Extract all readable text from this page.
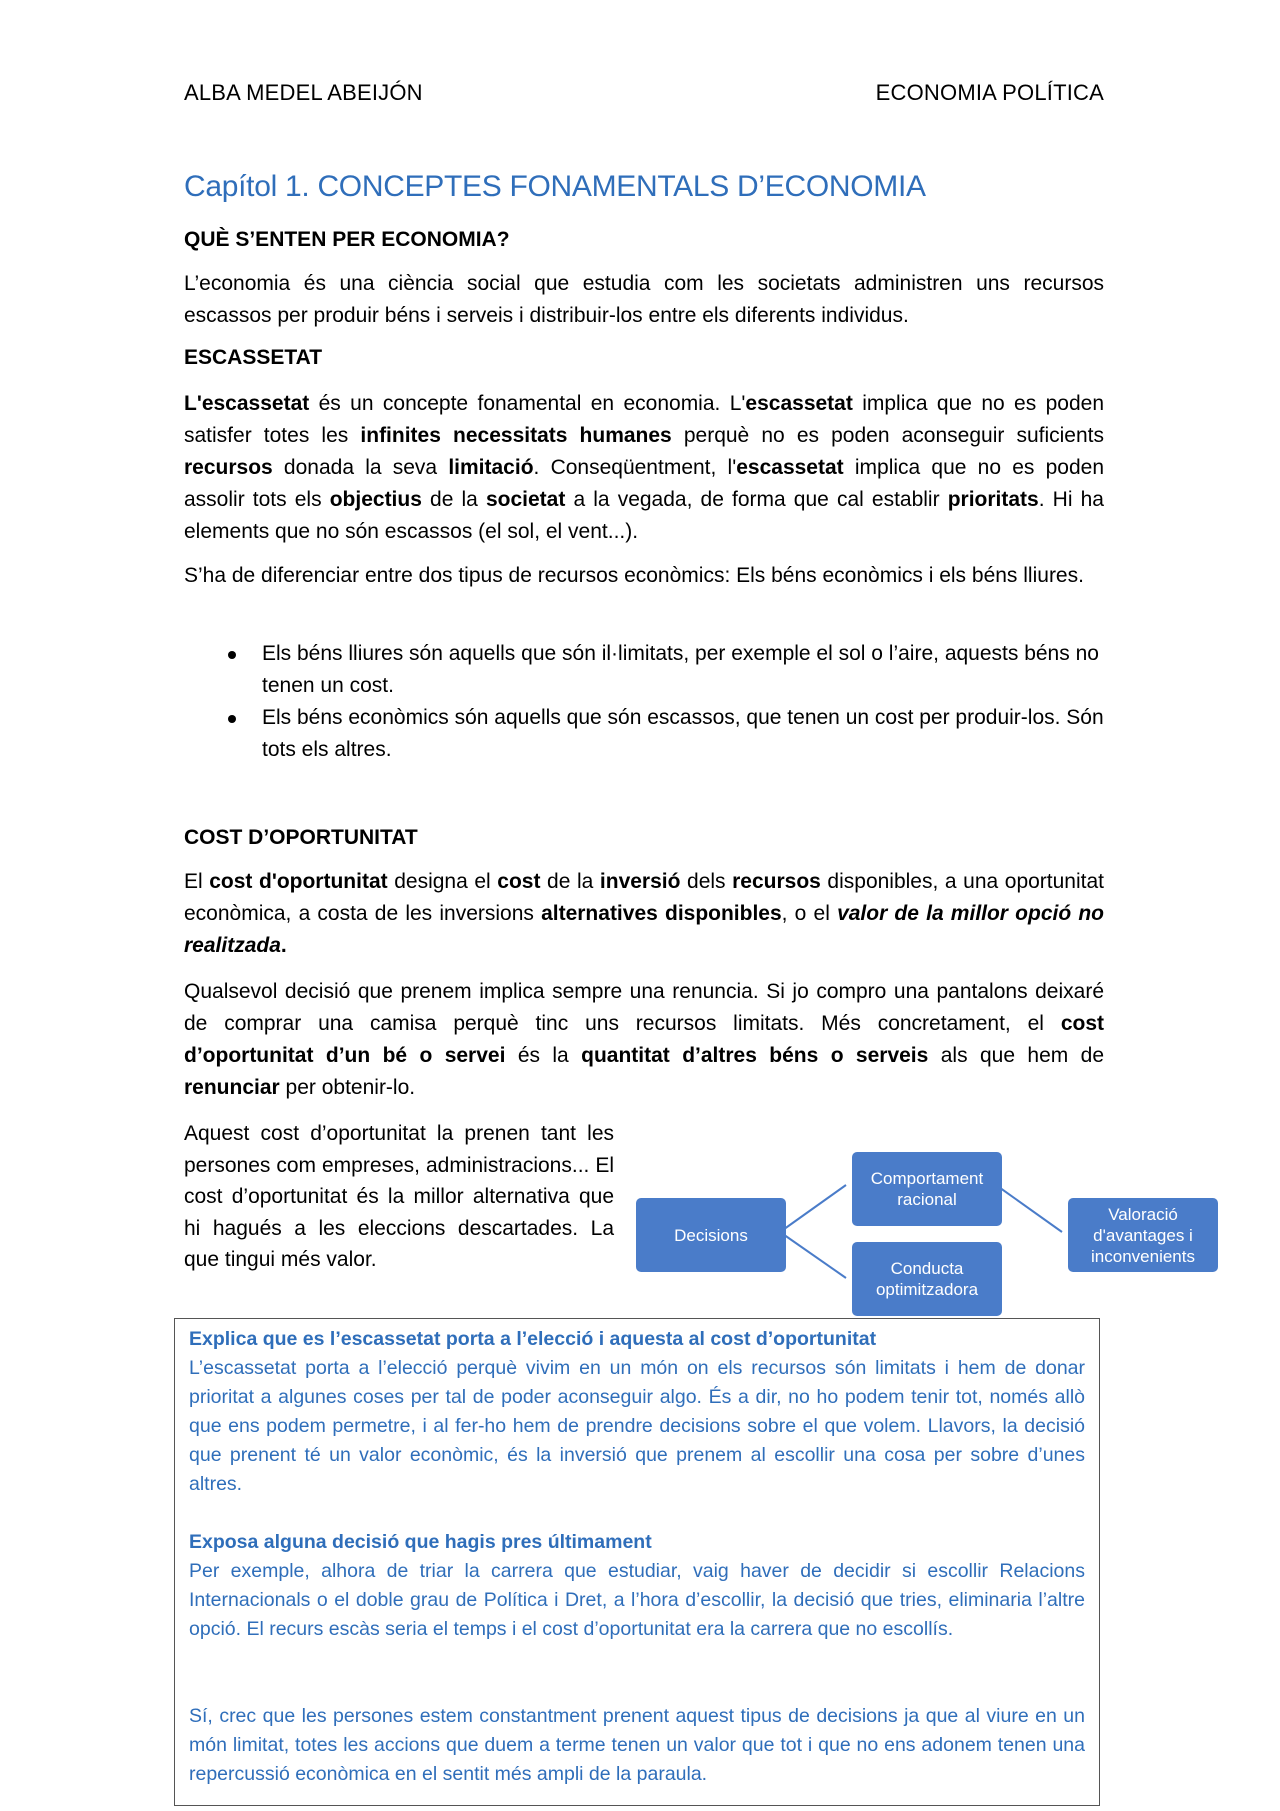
ALBA MEDEL ABEIJÓN	ECONOMIA POLÍTICA
Capítol 1. CONCEPTES FONAMENTALS D’ECONOMIA
QUÈ S’ENTEN PER ECONOMIA?
L’economia és una ciència social que estudia com les societats administren uns recursos escassos per produir béns i serveis i distribuir-los entre els diferents individus.
ESCASSETAT
L'escassetat és un concepte fonamental en economia. L'escassetat implica que no es poden satisfer totes les infinites necessitats humanes perquè no es poden aconseguir suficients recursos donada la seva limitació. Conseqüentment, l'escassetat implica que no es poden assolir tots els objectius de la societat a la vegada, de forma que cal establir prioritats. Hi ha elements que no són escassos (el sol, el vent...).
S’ha de diferenciar entre dos tipus de recursos econòmics: Els béns econòmics i els béns lliures.
Els béns lliures són aquells que són il·limitats, per exemple el sol o l’aire, aquests béns no tenen un cost.
Els béns econòmics són aquells que són escassos, que tenen un cost per produir-los. Són tots els altres.
COST D’OPORTUNITAT
El cost d'oportunitat designa el cost de la inversió dels recursos disponibles, a una oportunitat econòmica, a costa de les inversions alternatives disponibles, o el valor de la millor opció no realitzada.
Qualsevol decisió que prenem implica sempre una renuncia. Si jo compro una pantalons deixaré de comprar una camisa perquè tinc uns recursos limitats. Més concretament, el cost d’oportunitat d’un bé o servei és la quantitat d’altres béns o serveis als que hem de renunciar per obtenir-lo.
Aquest cost d’oportunitat la prenen tant les persones com empreses, administracions... El cost d’oportunitat és la millor alternativa que hi hagués a les eleccions descartades. La que tingui més valor.
Decisions
Comportament racional
Conducta optimitzadora
Valoració d'avantages i inconvenients
Explica que es l’escassetat porta a l’elecció i aquesta al cost d’oportunitat
L’escassetat porta a l’elecció perquè vivim en un món on els recursos són limitats i hem de donar prioritat a algunes coses per tal de poder aconseguir algo. És a dir, no ho podem tenir tot, només allò que ens podem permetre, i al fer-ho hem de prendre decisions sobre el que volem. Llavors, la decisió que prenent té un valor econòmic, és la inversió que prenem al escollir una cosa per sobre d’unes altres.
Exposa alguna decisió que hagis pres últimament
Per exemple, alhora de triar la carrera que estudiar, vaig haver de decidir si escollir Relacions Internacionals o el doble grau de Política i Dret, a l’hora d’escollir, la decisió que tries, eliminaria l’altre opció. El recurs escàs seria el temps i el cost d’oportunitat era la carrera que no escollís.
Sí, crec que les persones estem constantment prenent aquest tipus de decisions ja que al viure en un món limitat, totes les accions que duem a terme tenen un valor que tot i que no ens adonem tenen una repercussió econòmica en el sentit més ampli de la paraula.
